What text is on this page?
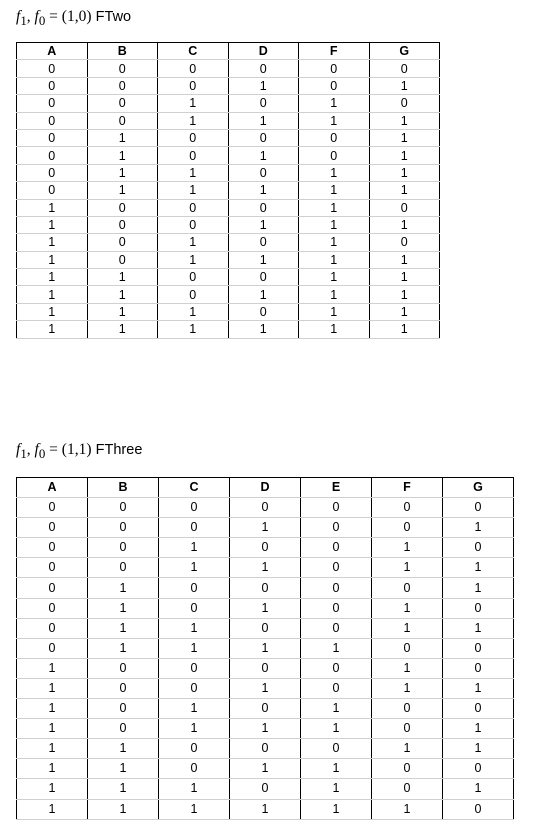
$f_1$, $f_0 = (1,0)$ FTwo
A	B	C	D	F	G
0	0	0	0	0	0
0	0	0	1	0	1
0	0	1	0	1	0
0	0	1	1	1	1
0	1	0	0	0	1
0	1	0	1	0	1
0	1	1	0	1	1
0	1	1	1	1	1
1	0	0	0	1	0
1	0	0	1	1	1
1	0	1	0	1	0
1	0	1	1	1	1
1	1	0	0	1	1
1	1	0	1	1	1
1	1	1	0	1	1
1	1	1	1	1	1
$f_1$, $f_0 = (1,1)$ FThree
A	B	C	D	E	F	G
0	0	0	0	0	0	0
0	0	0	1	0	0	1
0	0	1	0	0	1	0
0	0	1	1	0	1	1
0	1	0	0	0	0	1
0	1	0	1	0	1	0
0	1	1	0	0	1	1
0	1	1	1	1	0	0
1	0	0	0	0	1	0
1	0	0	1	0	1	1
1	0	1	0	1	0	0
1	0	1	1	1	0	1
1	1	0	0	0	1	1
1	1	0	1	1	0	0
1	1	1	0	1	0	1
1	1	1	1	1	1	0
